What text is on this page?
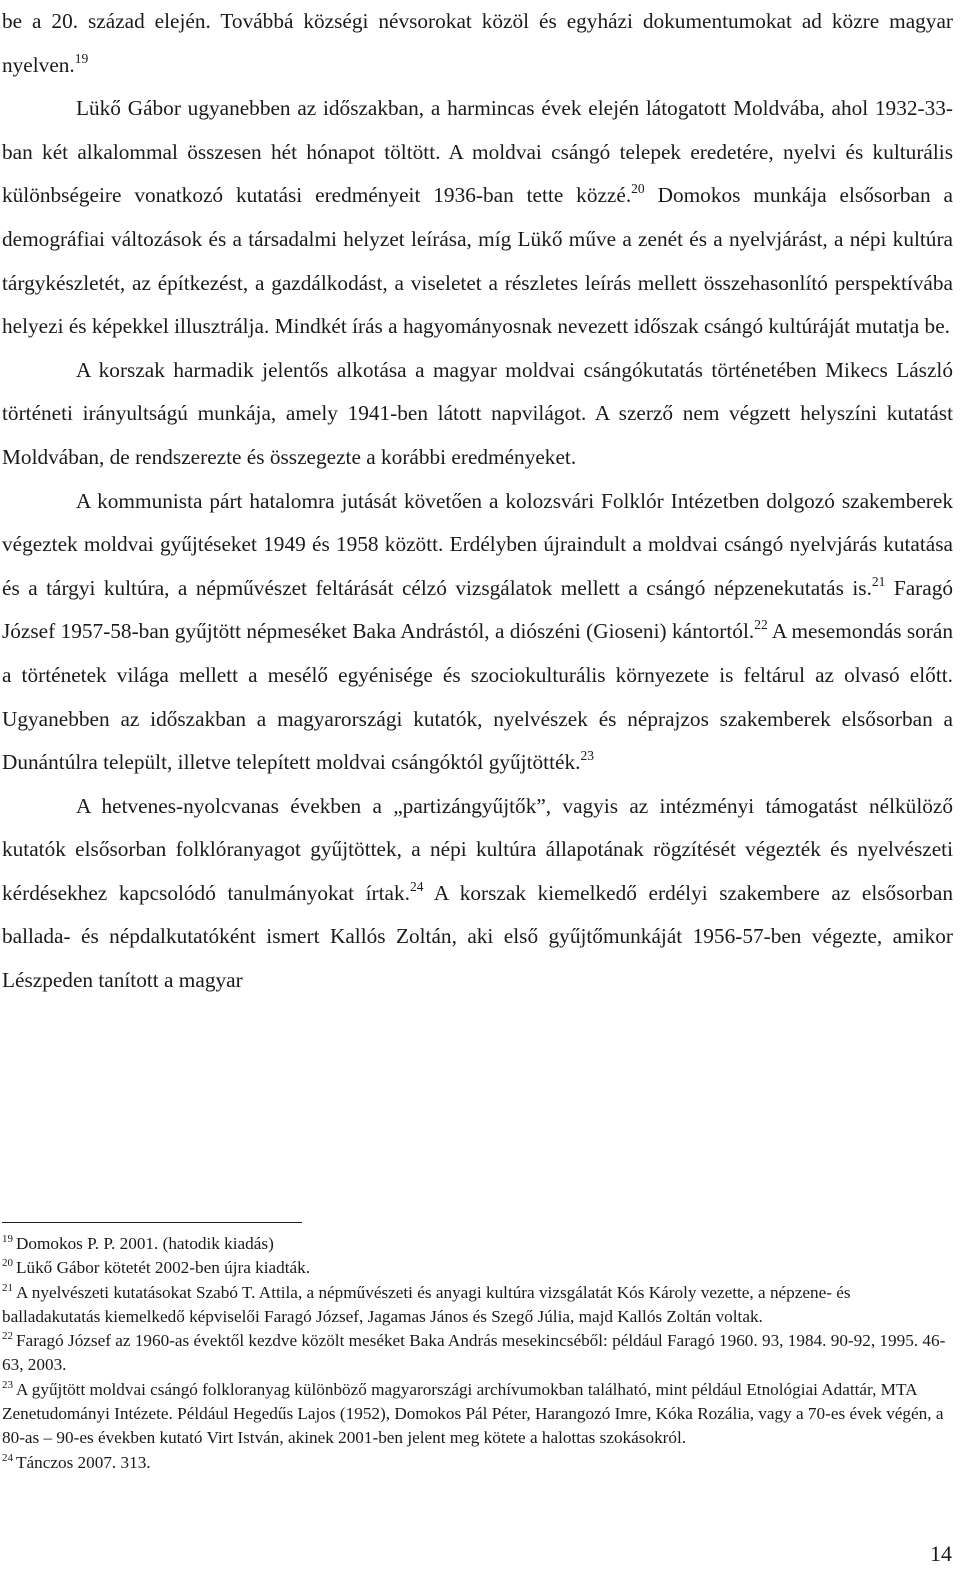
be a 20. század elején. Továbbá községi névsorokat közöl és egyházi dokumentumokat ad közre magyar nyelven.$^{19}$

Lükő Gábor ugyanebben az időszakban, a harmincas évek elején látogatott Moldvába, ahol 1932-33-ban két alkalommal összesen hét hónapot töltött. A moldvai csángó telepek eredetére, nyelvi és kulturális különbségeire vonatkozó kutatási eredményeit 1936-ban tette közzé.$^{20}$ Domokos munkája elsősorban a demográfiai változások és a társadalmi helyzet leírása, míg Lükő műve a zenét és a nyelvjárást, a népi kultúra tárgykészletét, az építkezést, a gazdálkodást, a viseletet a részletes leírás mellett összehasonlító perspektívába helyezi és képekkel illusztrálja. Mindkét írás a hagyományosnak nevezett időszak csángó kultúráját mutatja be.

A korszak harmadik jelentős alkotása a magyar moldvai csángókutatás történetében Mikecs László történeti irányultságú munkája, amely 1941-ben látott napvilágot. A szerző nem végzett helyszíni kutatást Moldvában, de rendszerezte és összegezte a korábbi eredményeket.

A kommunista párt hatalomra jutását követően a kolozsvári Folklór Intézetben dolgozó szakemberek végeztek moldvai gyűjtéseket 1949 és 1958 között. Erdélyben újraindult a moldvai csángó nyelvjárás kutatása és a tárgyi kultúra, a népművészet feltárását célzó vizsgálatok mellett a csángó népzenekutatás is.$^{21}$ Faragó József 1957-58-ban gyűjtött népmeséket Baka Andrástól, a diószéni (Gioseni) kántortól.$^{22}$ A mesemondás során a történetek világa mellett a mesélő egyénisége és szociokulturális környezete is feltárul az olvasó előtt. Ugyanebben az időszakban a magyarországi kutatók, nyelvészek és néprajzos szakemberek elsősorban a Dunántúlra települt, illetve telepített moldvai csángóktól gyűjtötték.$^{23}$

A hetvenes-nyolcvanas években a „partizángyűjtők”, vagyis az intézményi támogatást nélkülöző kutatók elsősorban folklóranyagot gyűjtöttek, a népi kultúra állapotának rögzítését végezték és nyelvészeti kérdésekhez kapcsolódó tanulmányokat írtak.$^{24}$ A korszak kiemelkedő erdélyi szakembere az elsősorban ballada- és népdalkutatóként ismert Kallós Zoltán, aki első gyűjtőmunkáját 1956-57-ben végezte, amikor Lészpeden tanított a magyar

$^{19}$ Domokos P. P. 2001. (hatodik kiadás)

$^{20}$ Lükő Gábor kötetét 2002-ben újra kiadták.

$^{21}$ A nyelvészeti kutatásokat Szabó T. Attila, a népművészeti és anyagi kultúra vizsgálatát Kós Károly vezette, a népzene- és balladakutatás kiemelkedő képviselői Faragó József, Jagamas János és Szegő Júlia, majd Kallós Zoltán voltak.

$^{22}$ Faragó József az 1960-as évektől kezdve közölt meséket Baka András mesekincséből: például Faragó 1960. 93, 1984. 90-92, 1995. 46-63, 2003.

$^{23}$ A gyűjtött moldvai csángó folkloranyag különböző magyarországi archívumokban található, mint például Etnológiai Adattár, MTA Zenetudományi Intézete. Például Hegedűs Lajos (1952), Domokos Pál Péter, Harangozó Imre, Kóka Rozália, vagy a 70-es évek végén, a 80-as – 90-es években kutató Virt István, akinek 2001-ben jelent meg kötete a halottas szokásokról.

$^{24}$ Tánczos 2007. 313.

14
